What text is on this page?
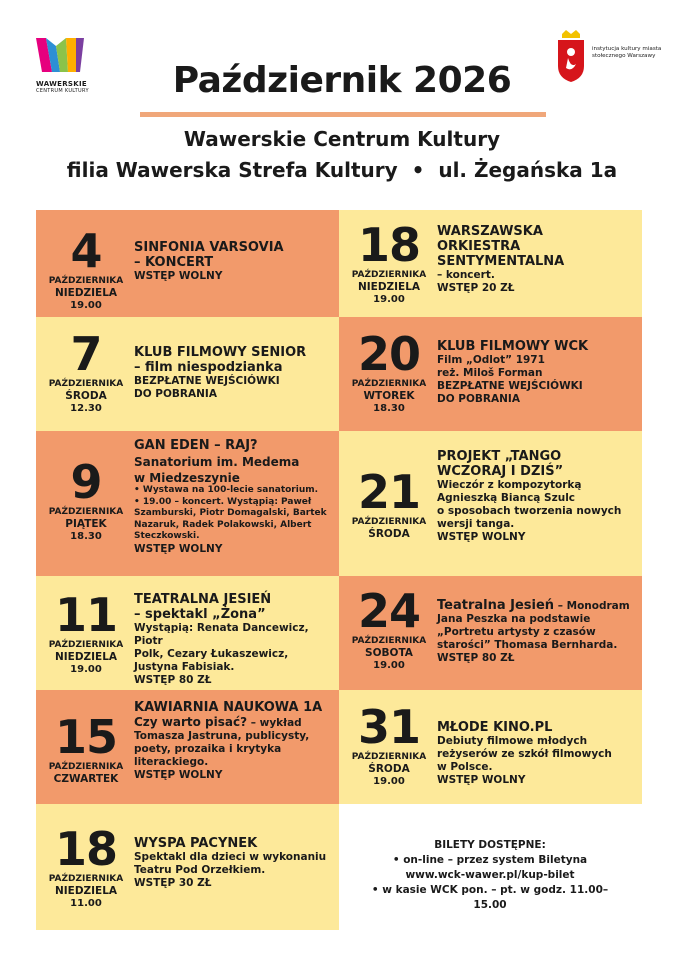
WAWERSKIE
CENTRUM KULTURY
instytucja kultury miasta stołecznego Warszawy
Październik 2026
Wawerskie Centrum Kultury
filia Wawerska Strefa Kultury  •  ul. Żegańska 1a
4
PAŹDZIERNIKA
NIEDZIELA
19.00
SINFONIA VARSOVIA
– KONCERT
WSTĘP WOLNY
7
PAŹDZIERNIKA
ŚRODA
12.30
KLUB FILMOWY SENIOR
– film niespodzianka
BEZPŁATNE WEJŚCIÓWKI
DO POBRANIA
9
PAŹDZIERNIKA
PIĄTEK
18.30
GAN EDEN – RAJ?
Sanatorium im. Medema
w Miedzeszynie
• Wystawa na 100-lecie sanatorium.
• 19.00 – koncert. Wystąpią: Paweł
Szamburski, Piotr Domagalski, Bartek
Nazaruk, Radek Polakowski, Albert
Steczkowski.
WSTĘP WOLNY
11
PAŹDZIERNIKA
NIEDZIELA
19.00
TEATRALNA JESIEŃ
– spektakl „Żona”
Wystąpią: Renata Dancewicz, Piotr
Polk, Cezary Łukaszewicz,
Justyna Fabisiak.
WSTĘP 80 ZŁ
15
PAŹDZIERNIKA
CZWARTEK
KAWIARNIA NAUKOWA 1A
Czy warto pisać? – wykład
Tomasza Jastruna, publicysty,
poety, prozaika i krytyka
literackiego.
WSTĘP WOLNY
18
PAŹDZIERNIKA
NIEDZIELA
11.00
WYSPA PACYNEK
Spektakl dla dzieci w wykonaniu
Teatru Pod Orzełkiem.
WSTĘP 30 ZŁ
18
PAŹDZIERNIKA
NIEDZIELA
19.00
WARSZAWSKA
ORKIESTRA
SENTYMENTALNA
– koncert.
WSTĘP 20 ZŁ
20
PAŹDZIERNIKA
WTOREK
18.30
KLUB FILMOWY WCK
Film „Odlot” 1971
reż. Miloš Forman
BEZPŁATNE WEJŚCIÓWKI
DO POBRANIA
21
PAŹDZIERNIKA
ŚRODA
PROJEKT „TANGO
WCZORAJ I DZIŚ”
Wieczór z kompozytorką
Agnieszką Biancą Szulc
o sposobach tworzenia nowych
wersji tanga.
WSTĘP WOLNY
24
PAŹDZIERNIKA
SOBOTA
19.00
Teatralna Jesień – Monodram
Jana Peszka na podstawie
„Portretu artysty z czasów
starości” Thomasa Bernharda.
WSTĘP 80 ZŁ
31
PAŹDZIERNIKA
ŚRODA
19.00
MŁODE KINO.PL
Debiuty filmowe młodych
reżyserów ze szkół filmowych
w Polsce.
WSTĘP WOLNY
BILETY DOSTĘPNE:
• on-line – przez system Biletyna
www.wck-wawer.pl/kup-bilet
• w kasie WCK pon. – pt. w godz. 11.00–15.00
